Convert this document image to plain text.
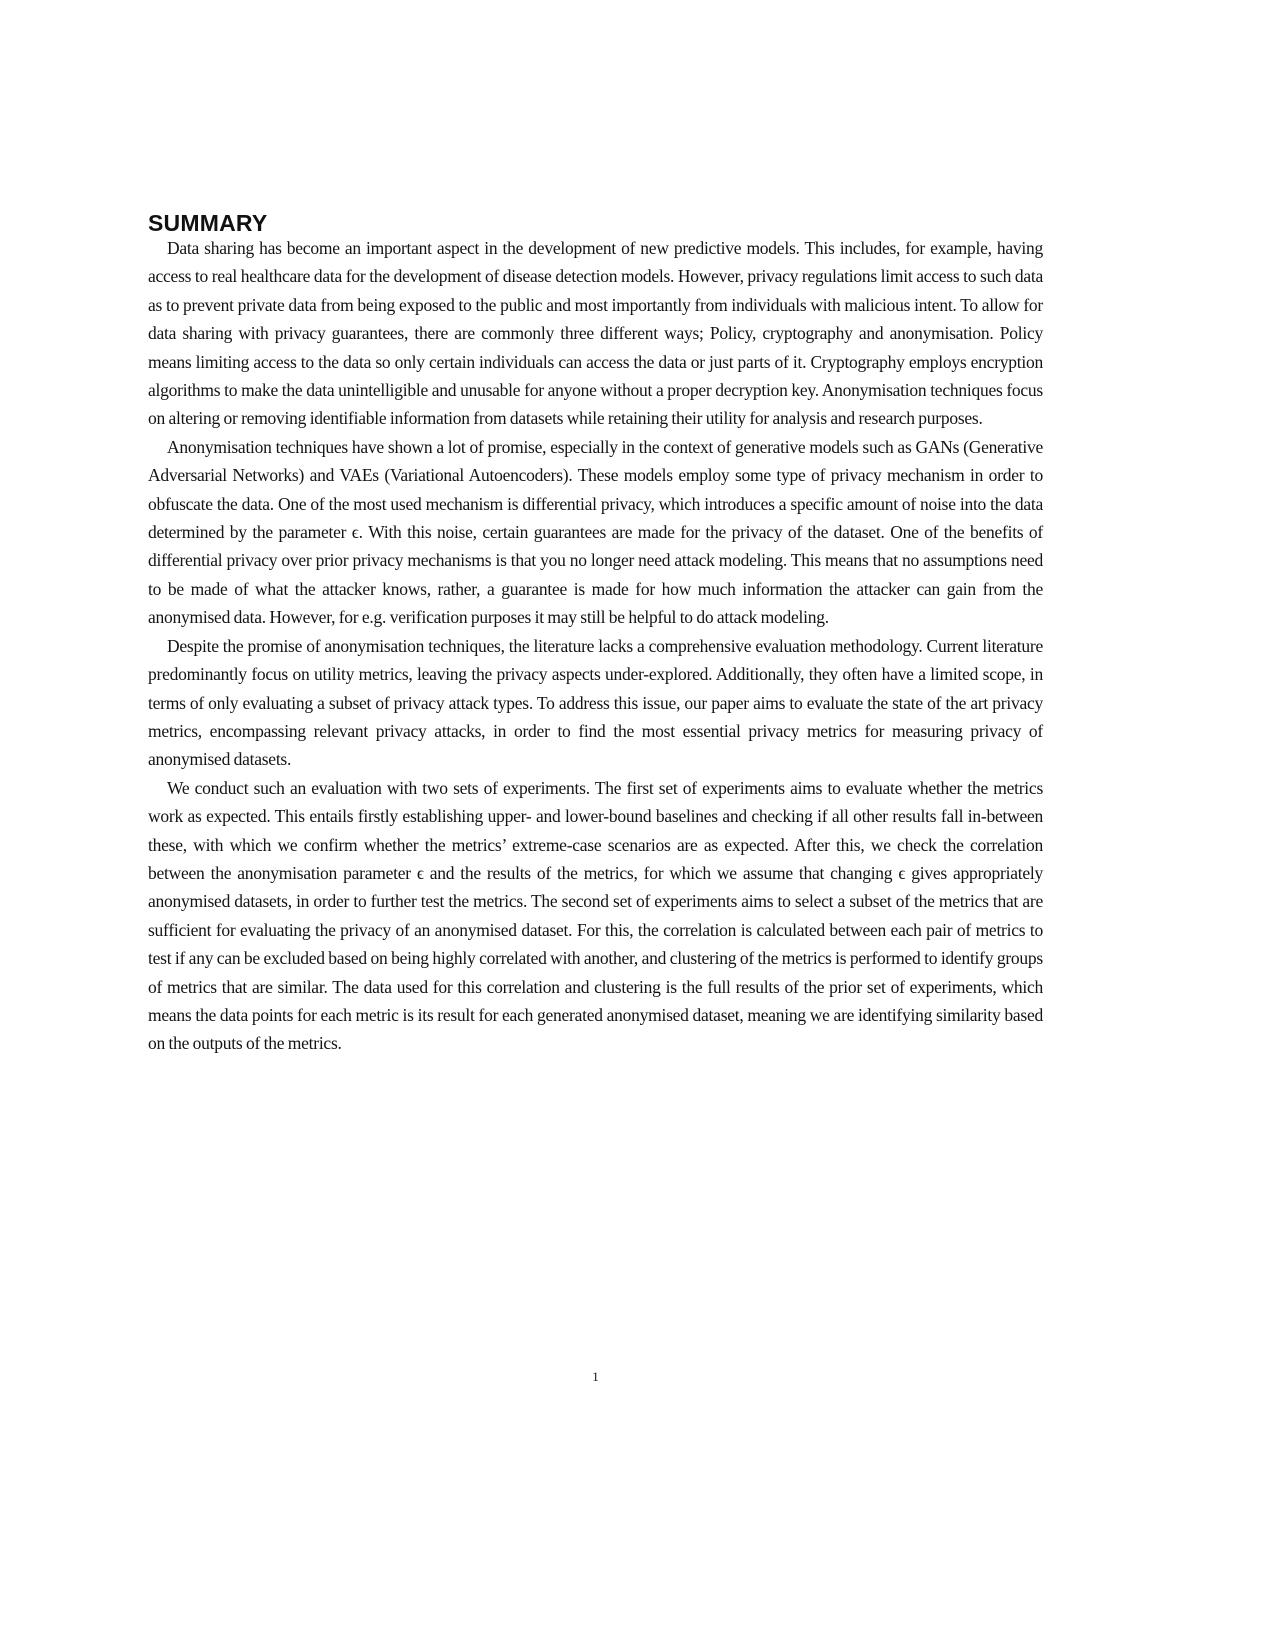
SUMMARY

Data sharing has become an important aspect in the development of new predictive models. This includes, for example, having access to real healthcare data for the development of disease detection models. However, privacy regulations limit access to such data as to prevent private data from being exposed to the public and most importantly from individuals with malicious intent. To allow for data sharing with privacy guarantees, there are commonly three different ways; Policy, cryptography and anonymisation. Policy means limiting access to the data so only certain individuals can access the data or just parts of it. Cryptography employs encryption algorithms to make the data unintelligible and unusable for anyone without a proper decryption key. Anonymisation techniques focus on altering or removing identifiable information from datasets while retaining their utility for analysis and research purposes.

Anonymisation techniques have shown a lot of promise, especially in the context of generative models such as GANs (Generative Adversarial Networks) and VAEs (Variational Autoencoders). These models employ some type of privacy mechanism in order to obfuscate the data. One of the most used mechanism is differential privacy, which introduces a specific amount of noise into the data determined by the parameter ϵ. With this noise, certain guarantees are made for the privacy of the dataset. One of the benefits of differential privacy over prior privacy mechanisms is that you no longer need attack modeling. This means that no assumptions need to be made of what the attacker knows, rather, a guarantee is made for how much information the attacker can gain from the anonymised data. However, for e.g. verification purposes it may still be helpful to do attack modeling.

Despite the promise of anonymisation techniques, the literature lacks a comprehensive evaluation methodology. Current literature predominantly focus on utility metrics, leaving the privacy aspects under-explored. Additionally, they often have a limited scope, in terms of only evaluating a subset of privacy attack types. To address this issue, our paper aims to evaluate the state of the art privacy metrics, encompassing relevant privacy attacks, in order to find the most essential privacy metrics for measuring privacy of anonymised datasets.

We conduct such an evaluation with two sets of experiments. The first set of experiments aims to evaluate whether the metrics work as expected. This entails firstly establishing upper- and lower-bound baselines and checking if all other results fall in-between these, with which we confirm whether the metrics’ extreme-case scenarios are as expected. After this, we check the correlation between the anonymisation parameter ϵ and the results of the metrics, for which we assume that changing ϵ gives appropriately anonymised datasets, in order to further test the metrics. The second set of experiments aims to select a subset of the metrics that are sufficient for evaluating the privacy of an anonymised dataset. For this, the correlation is calculated between each pair of metrics to test if any can be excluded based on being highly correlated with another, and clustering of the metrics is performed to identify groups of metrics that are similar. The data used for this correlation and clustering is the full results of the prior set of experiments, which means the data points for each metric is its result for each generated anonymised dataset, meaning we are identifying similarity based on the outputs of the metrics.

1
